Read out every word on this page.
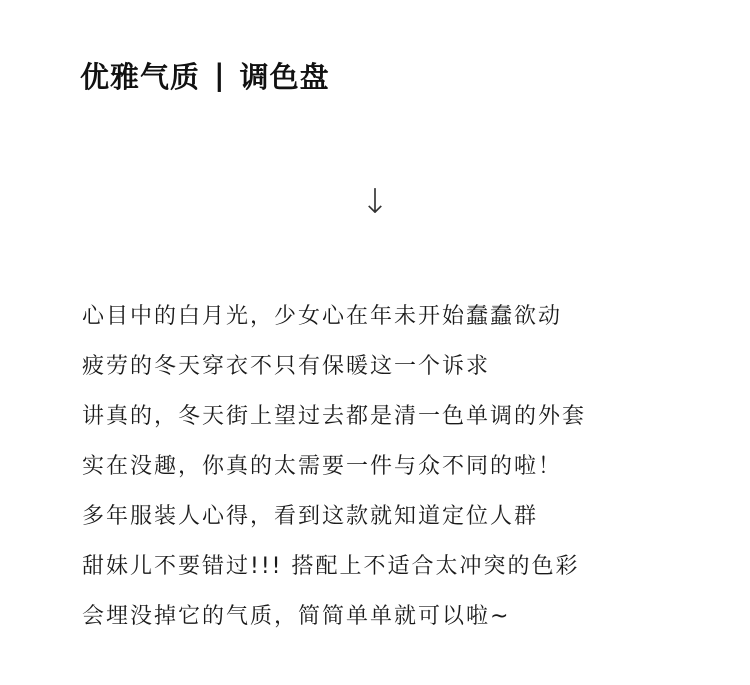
优雅气质 | 调色盘
↓
心目中的白月光，少女心在年未开始蠢蠢欲动
疲劳的冬天穿衣不只有保暖这一个诉求
讲真的，冬天街上望过去都是清一色单调的外套
实在没趣，你真的太需要一件与众不同的啦！
多年服装人心得，看到这款就知道定位人群
甜妹儿不要错过!!! 搭配上不适合太冲突的色彩
会埋没掉它的气质，简简单单就可以啦~
